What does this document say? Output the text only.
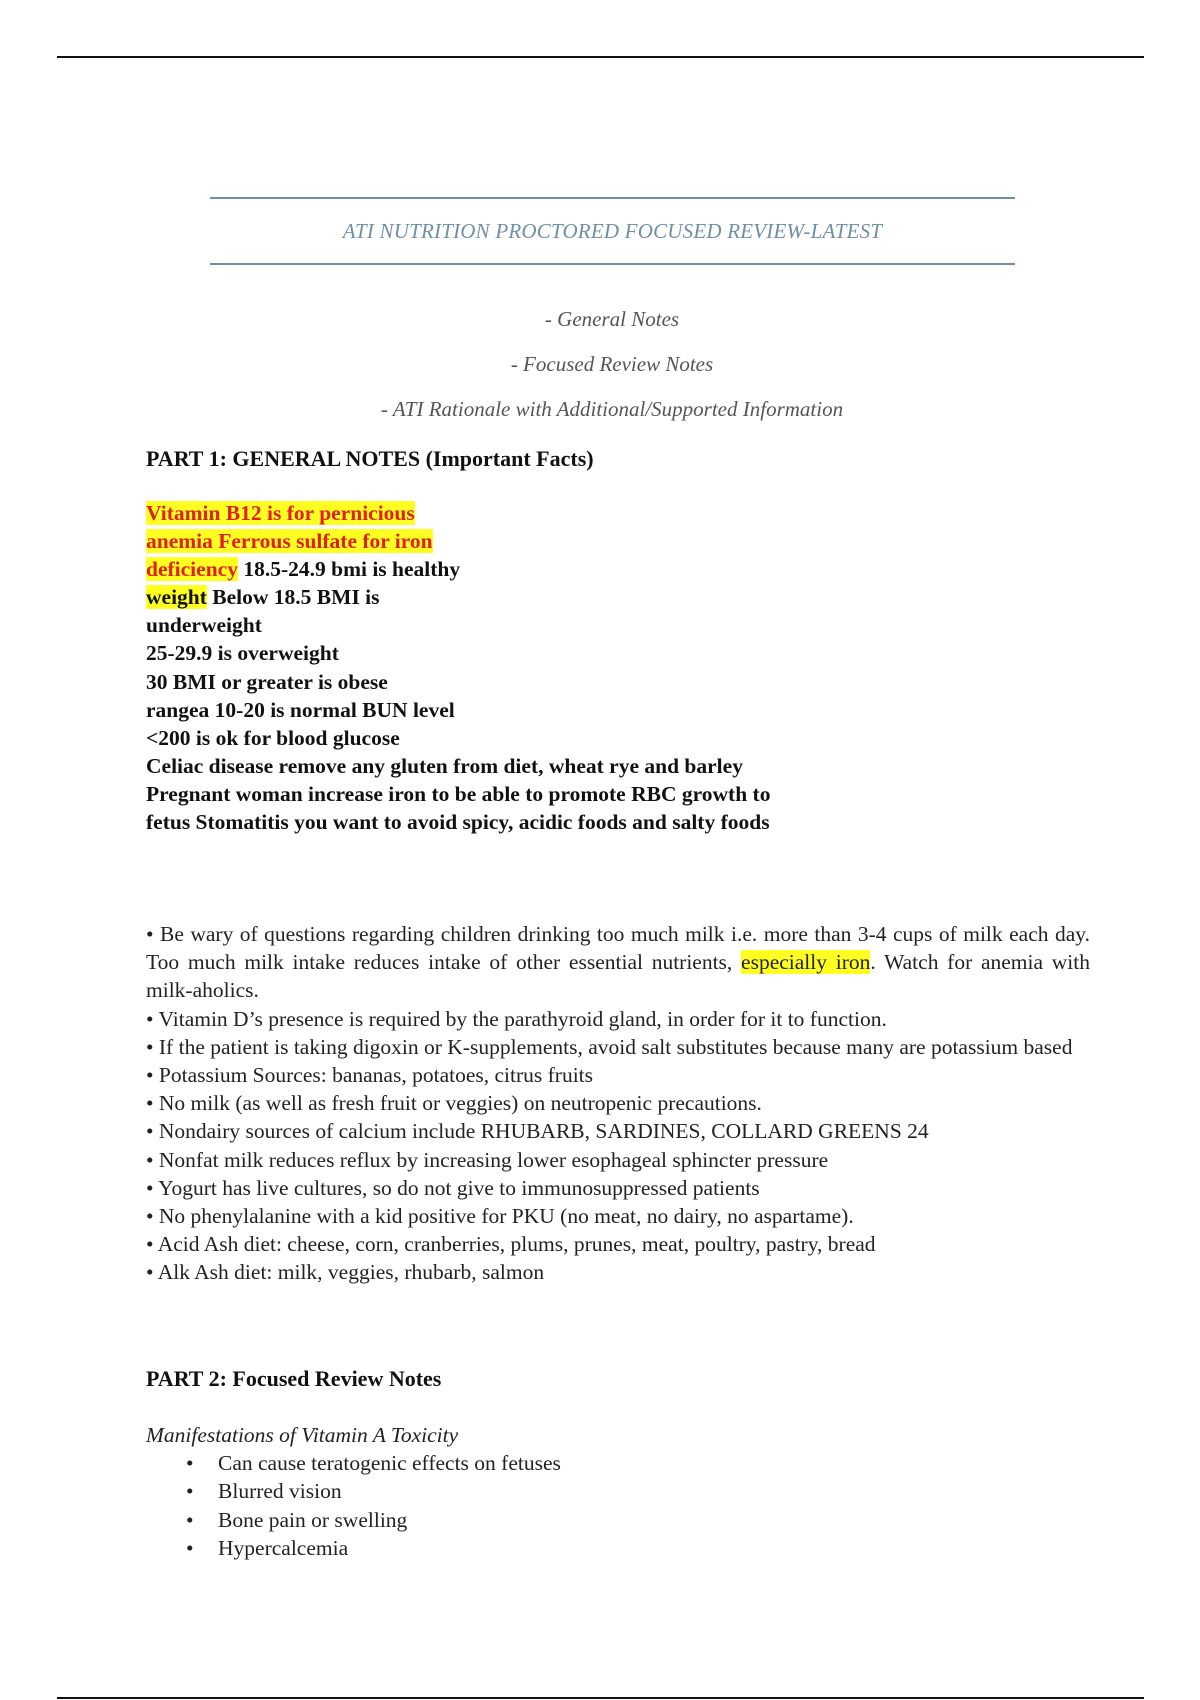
ATI NUTRITION PROCTORED FOCUSED REVIEW-LATEST
- General Notes
- Focused Review Notes
- ATI Rationale with Additional/Supported Information
PART 1: GENERAL NOTES (Important Facts)
Vitamin B12 is for pernicious
anemia Ferrous sulfate for iron
deficiency 18.5-24.9 bmi is healthy
weight Below 18.5 BMI is
underweight
25-29.9 is overweight
30 BMI or greater is obese
rangea 10-20 is normal BUN level
<200 is ok for blood glucose
Celiac disease remove any gluten from diet, wheat rye and barley
Pregnant woman increase iron to be able to promote RBC growth to
fetus Stomatitis you want to avoid spicy, acidic foods and salty foods

• Be wary of questions regarding children drinking too much milk i.e. more than 3-4 cups of milk each day. Too much milk intake reduces intake of other essential nutrients, especially iron. Watch for anemia with milk-aholics.

• Vitamin D’s presence is required by the parathyroid gland, in order for it to function.

• If the patient is taking digoxin or K-supplements, avoid salt substitutes because many are potassium based

• Potassium Sources: bananas, potatoes, citrus fruits

• No milk (as well as fresh fruit or veggies) on neutropenic precautions.

• Nondairy sources of calcium include RHUBARB, SARDINES, COLLARD GREENS 24

• Nonfat milk reduces reflux by increasing lower esophageal sphincter pressure

• Yogurt has live cultures, so do not give to immunosuppressed patients

• No phenylalanine with a kid positive for PKU (no meat, no dairy, no aspartame).

• Acid Ash diet: cheese, corn, cranberries, plums, prunes, meat, poultry, pastry, bread

• Alk Ash diet: milk, veggies, rhubarb, salmon

PART 2: Focused Review Notes
Manifestations of Vitamin A Toxicity
• Can cause teratogenic effects on fetuses
• Blurred vision
• Bone pain or swelling
• Hypercalcemia
